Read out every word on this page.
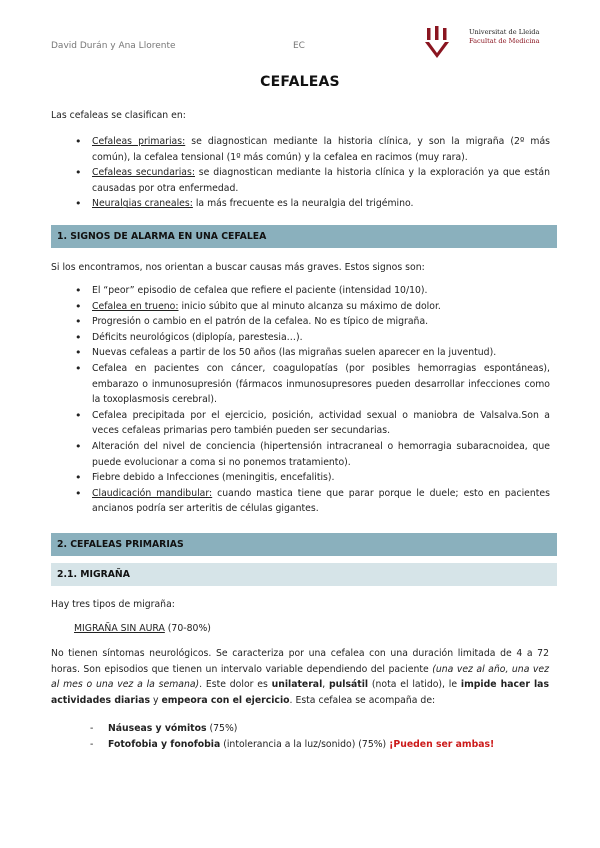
David Durán y Ana Llorente	EC
Universitat de Lleida
Facultat de Medicina
CEFALEAS
Las cefaleas se clasifican en:
• Cefaleas primarias: se diagnostican mediante la historia clínica, y son la migraña (2º más común), la cefalea tensional (1º más común) y la cefalea en racimos (muy rara).
• Cefaleas secundarias: se diagnostican mediante la historia clínica y la exploración ya que están causadas por otra enfermedad.
• Neuralgias craneales: la más frecuente es la neuralgia del trigémino.
1. SIGNOS DE ALARMA EN UNA CEFALEA
Si los encontramos, nos orientan a buscar causas más graves. Estos signos son:
• El “peor” episodio de cefalea que refiere el paciente (intensidad 10/10).
• Cefalea en trueno: inicio súbito que al minuto alcanza su máximo de dolor.
• Progresión o cambio en el patrón de la cefalea. No es típico de migraña.
• Déficits neurológicos (diplopía, parestesia…).
• Nuevas cefaleas a partir de los 50 años (las migrañas suelen aparecer en la juventud).
• Cefalea en pacientes con cáncer, coagulopatías (por posibles hemorragias espontáneas), embarazo o inmunosupresión (fármacos inmunosupresores pueden desarrollar infecciones como la toxoplasmosis cerebral).
• Cefalea precipitada por el ejercicio, posición, actividad sexual o maniobra de Valsalva.Son a veces cefaleas primarias pero también pueden ser secundarias.
• Alteración del nivel de conciencia (hipertensión intracraneal o hemorragia subaracnoidea, que puede evolucionar a coma si no ponemos tratamiento).
• Fiebre debido a Infecciones (meningitis, encefalitis).
• Claudicación mandibular: cuando mastica tiene que parar porque le duele; esto en pacientes ancianos podría ser arteritis de células gigantes.
2. CEFALEAS PRIMARIAS
2.1. MIGRAÑA
Hay tres tipos de migraña:
MIGRAÑA SIN AURA (70-80%)
No tienen síntomas neurológicos. Se caracteriza por una cefalea con una duración limitada de 4 a 72 horas. Son episodios que tienen un intervalo variable dependiendo del paciente (una vez al año, una vez al mes o una vez a la semana). Este dolor es unilateral, pulsátil (nota el latido), le impide hacer las actividades diarias y empeora con el ejercicio. Esta cefalea se acompaña de:
- Náuseas y vómitos (75%)
- Fotofobia y fonofobia (intolerancia a la luz/sonido) (75%) ¡Pueden ser ambas!
